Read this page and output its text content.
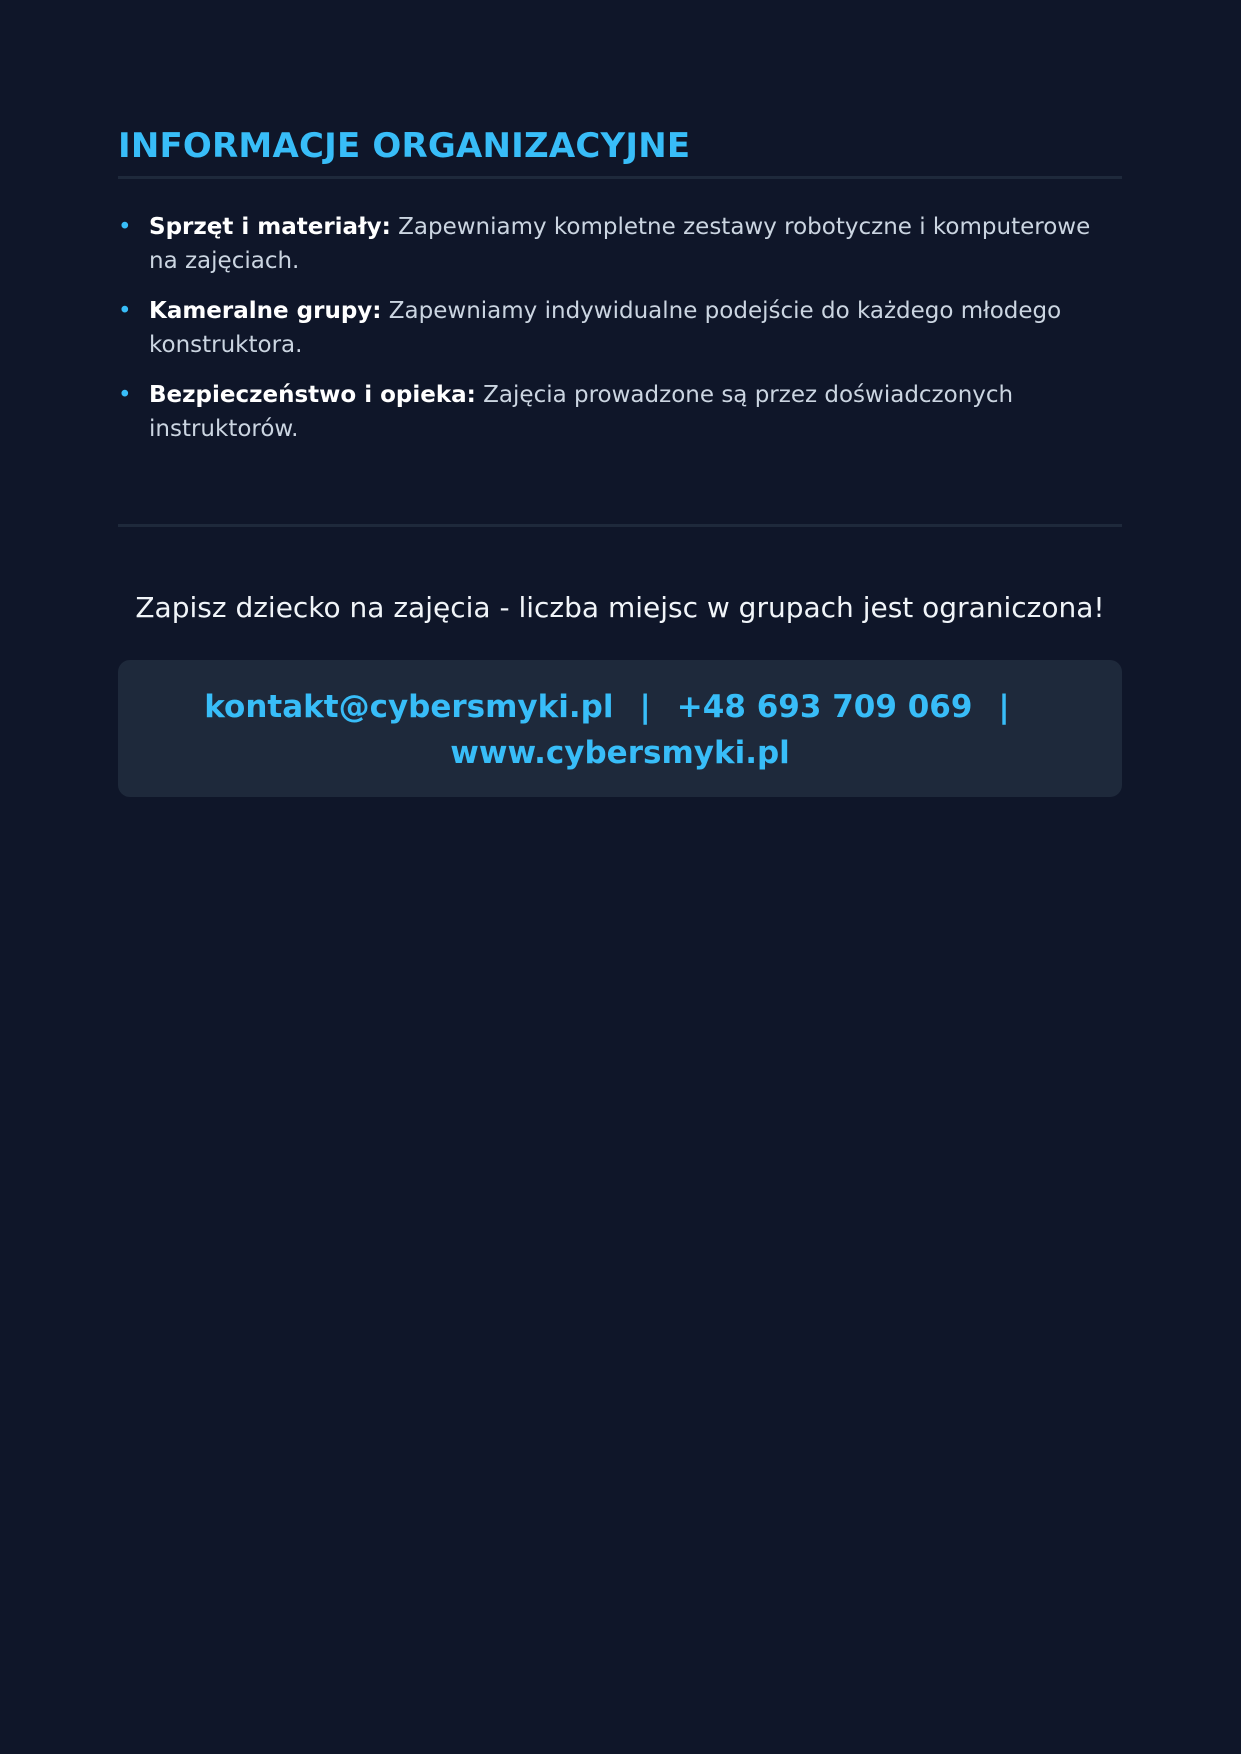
INFORMACJE ORGANIZACYJNE
• Sprzęt i materiały: Zapewniamy kompletne zestawy robotyczne i komputerowe na zajęciach.
• Kameralne grupy: Zapewniamy indywidualne podejście do każdego młodego konstruktora.
• Bezpieczeństwo i opieka: Zajęcia prowadzone są przez doświadczonych instruktorów.

Zapisz dziecko na zajęcia - liczba miejsc w grupach jest ograniczona!

kontakt@cybersmyki.pl | +48 693 709 069 |
www.cybersmyki.pl
